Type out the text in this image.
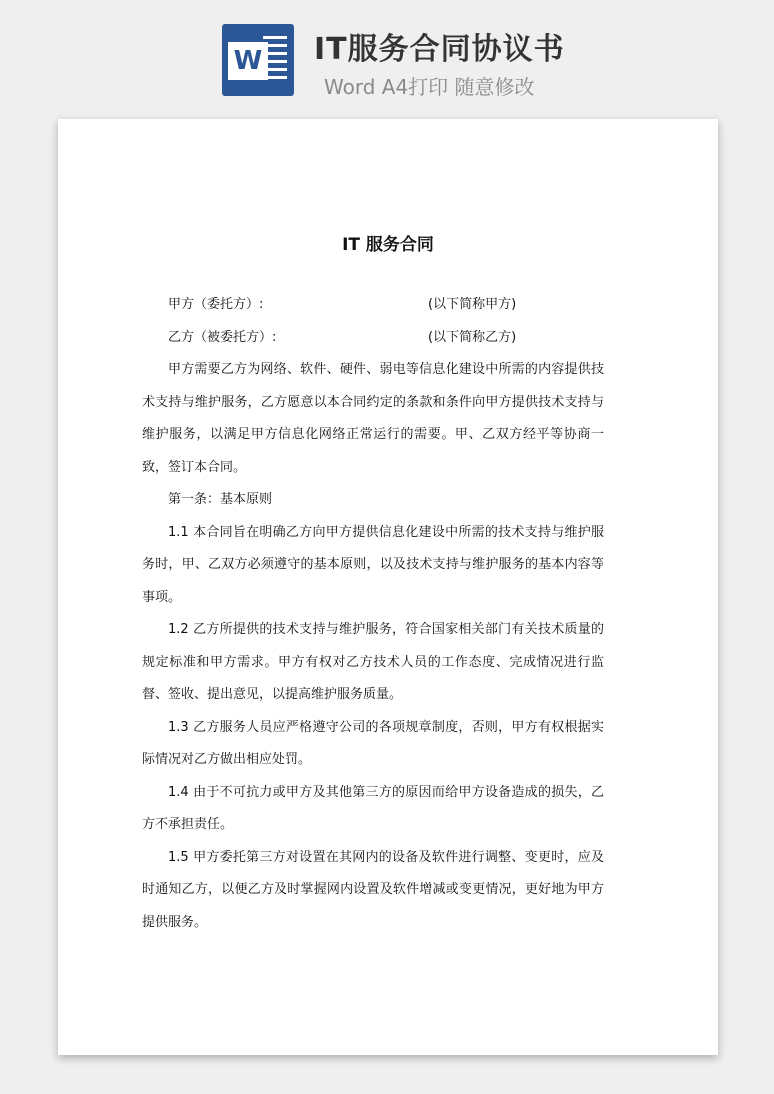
W IT服务合同协议书
Word A4打印 随意修改
IT 服务合同
甲方（委托方）:	(以下简称甲方)
乙方（被委托方）:	(以下简称乙方)

甲方需要乙方为网络、软件、硬件、弱电等信息化建设中所需的内容提供技术支持与维护服务，乙方愿意以本合同约定的条款和条件向甲方提供技术支持与维护服务，以满足甲方信息化网络正常运行的需要。甲、乙双方经平等协商一致，签订本合同。

第一条：基本原则

1.1 本合同旨在明确乙方向甲方提供信息化建设中所需的技术支持与维护服务时，甲、乙双方必须遵守的基本原则，以及技术支持与维护服务的基本内容等事项。

1.2 乙方所提供的技术支持与维护服务，符合国家相关部门有关技术质量的规定标准和甲方需求。甲方有权对乙方技术人员的工作态度、完成情况进行监督、签收、提出意见，以提高维护服务质量。

1.3 乙方服务人员应严格遵守公司的各项规章制度，否则，甲方有权根据实际情况对乙方做出相应处罚。

1.4 由于不可抗力或甲方及其他第三方的原因而给甲方设备造成的损失，乙方不承担责任。

1.5 甲方委托第三方对设置在其网内的设备及软件进行调整、变更时，应及时通知乙方，以便乙方及时掌握网内设置及软件增减或变更情况，更好地为甲方提供服务。
